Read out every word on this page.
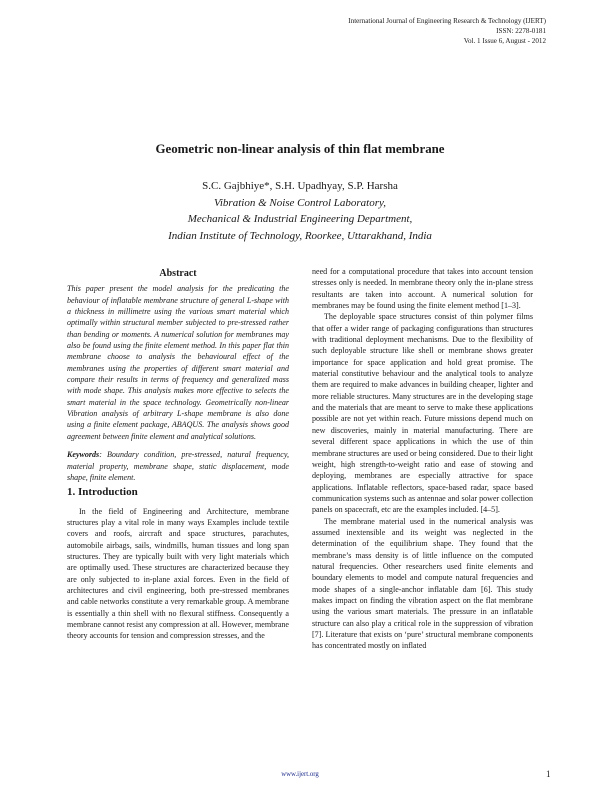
International Journal of Engineering Research & Technology (IJERT)
ISSN: 2278-0181
Vol. 1 Issue 6, August - 2012
Geometric non-linear analysis of thin flat membrane
S.C. Gajbhiye*, S.H. Upadhyay, S.P. Harsha
Vibration & Noise Control Laboratory,
Mechanical & Industrial Engineering Department,
Indian Institute of Technology, Roorkee, Uttarakhand, India

Abstract

This paper present the model analysis for the predicating the behaviour of inflatable membrane structure of general L-shape with a thickness in millimetre using the various smart material which optimally within structural member subjected to pre-stressed rather than bending or moments. A numerical solution for membranes may also be found using the finite element method. In this paper flat thin membrane choose to analysis the behavioural effect of the membranes using the properties of different smart material and compare their results in terms of frequency and generalized mass with mode shape. This analysis makes more effective to selects the smart material in the space technology. Geometrically non-linear Vibration analysis of arbitrary L-shape membrane is also done using a finite element package, ABAQUS. The analysis shows good agreement between finite element and analytical solutions.

Keywords: Boundary condition, pre-stressed, natural frequency, material property, membrane shape, static displacement, mode shape, finite element.

1. Introduction

In the field of Engineering and Architecture, membrane structures play a vital role in many ways Examples include textile covers and roofs, aircraft and space structures, parachutes, automobile airbags, sails, windmills, human tissues and long span structures. They are typically built with very light materials which are optimally used. These structures are characterized because they are only subjected to in-plane axial forces. Even in the field of architectures and civil engineering, both pre-stressed membranes and cable networks constitute a very remarkable group. A membrane is essentially a thin shell with no flexural stiffness. Consequently a membrane cannot resist any compression at all. However, membrane theory accounts for tension and compression stresses, and the

need for a computational procedure that takes into account tension stresses only is needed. In membrane theory only the in-plane stress resultants are taken into account. A numerical solution for membranes may be found using the finite element method [1–3].

The deployable space structures consist of thin polymer films that offer a wider range of packaging configurations than structures with traditional deployment mechanisms. Due to the flexibility of such deployable structure like shell or membrane shows greater importance for space application and hold great promise. The material constitutive behaviour and the analytical tools to analyze them are required to make advances in building cheaper, lighter and more reliable structures. Many structures are in the developing stage and the materials that are meant to serve to make these applications possible are not yet within reach. Future missions depend much on new discoveries, mainly in material manufacturing. There are several different space applications in which the use of thin membrane structures are used or being considered. Due to their light weight, high strength-to-weight ratio and ease of stowing and deploying, membranes are especially attractive for space applications. Inflatable reflectors, space-based radar, space based communication systems such as antennae and solar power collection panels on spacecraft, etc are the examples included. [4–5].

The membrane material used in the numerical analysis was assumed inextensible and its weight was neglected in the determination of the equilibrium shape. They found that the membrane’s mass density is of little influence on the computed natural frequencies. Other researchers used finite elements and boundary elements to model and compute natural frequencies and mode shapes of a single-anchor inflatable dam [6]. This study makes impact on finding the vibration aspect on the flat membrane using the various smart materials. The pressure in an inflatable structure can also play a critical role in the suppression of vibration [7]. Literature that exists on ‘pure’ structural membrane components has concentrated mostly on inflated

www.ijert.org	1
